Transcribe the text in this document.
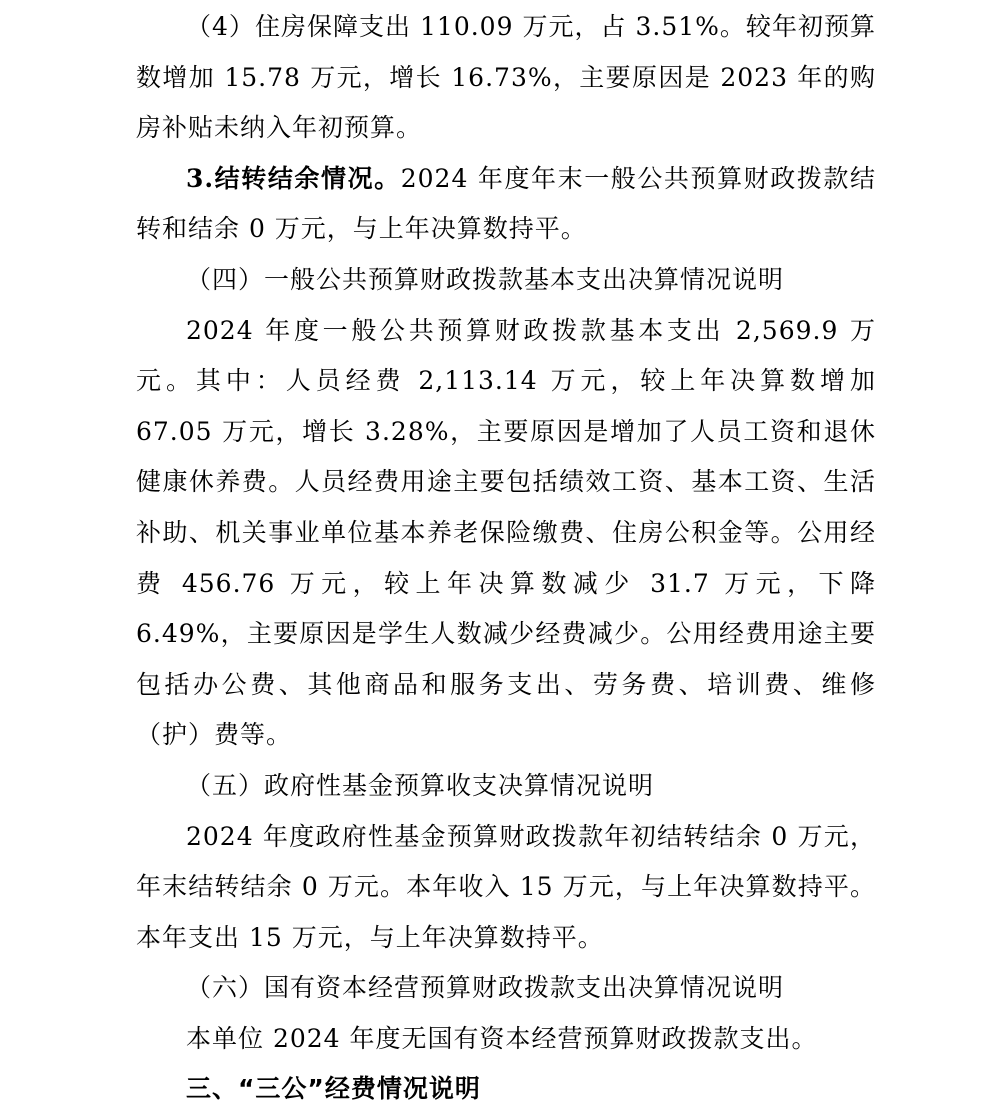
（4）住房保障支出 110.09 万元，占 3.51%。较年初预算数增加 15.78 万元，增长 16.73%，主要原因是 2023 年的购房补贴未纳入年初预算。

3.结转结余情况。2024 年度年末一般公共预算财政拨款结转和结余 0 万元，与上年决算数持平。

（四）一般公共预算财政拨款基本支出决算情况说明

2024 年度一般公共预算财政拨款基本支出 2,569.9 万元。其中：人员经费 2,113.14 万元，较上年决算数增加 67.05 万元，增长 3.28%，主要原因是增加了人员工资和退休健康休养费。人员经费用途主要包括绩效工资、基本工资、生活补助、机关事业单位基本养老保险缴费、住房公积金等。公用经费 456.76 万元，较上年决算数减少 31.7 万元，下降 6.49%，主要原因是学生人数减少经费减少。公用经费用途主要包括办公费、其他商品和服务支出、劳务费、培训费、维修（护）费等。

（五）政府性基金预算收支决算情况说明

2024 年度政府性基金预算财政拨款年初结转结余 0 万元，年末结转结余 0 万元。本年收入 15 万元，与上年决算数持平。本年支出 15 万元，与上年决算数持平。

（六）国有资本经营预算财政拨款支出决算情况说明

本单位 2024 年度无国有资本经营预算财政拨款支出。

三、“三公”经费情况说明
